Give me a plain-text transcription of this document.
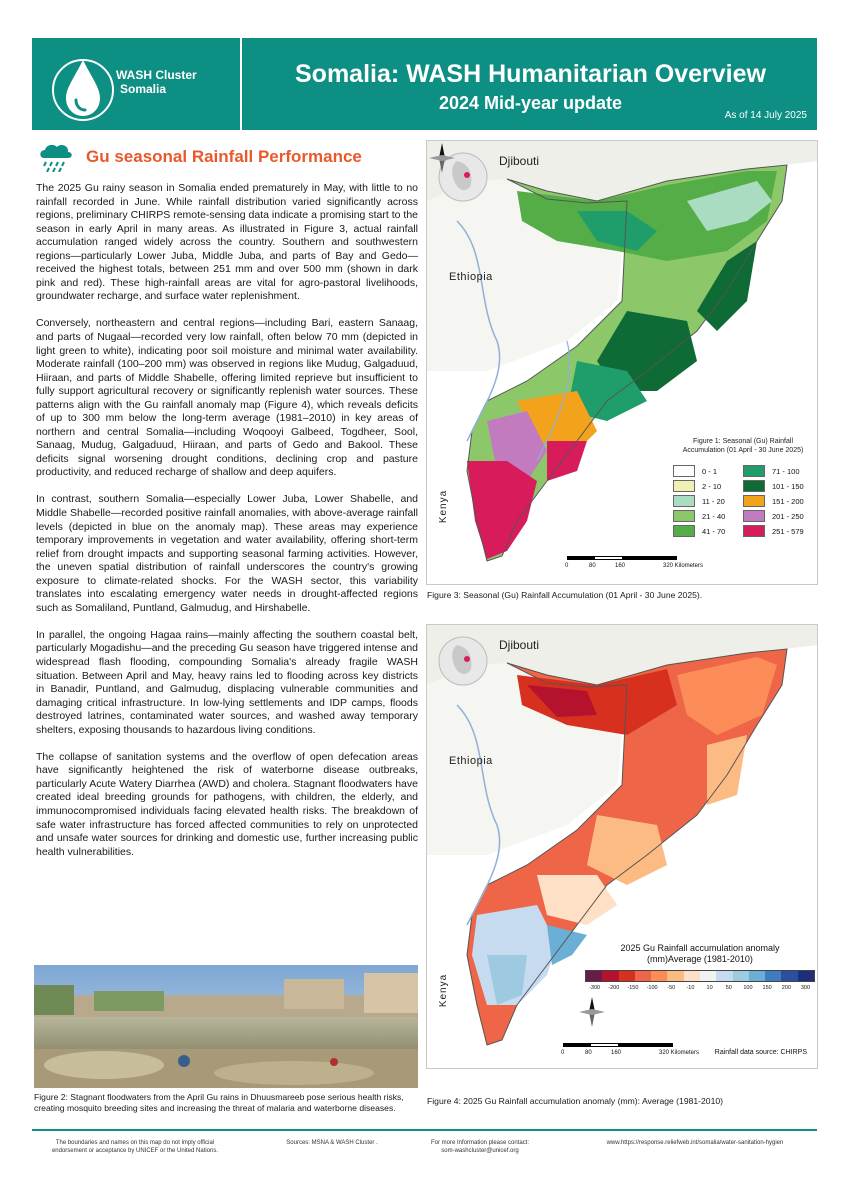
WASH Cluster
Somalia
Somalia: WASH Humanitarian Overview
2024 Mid-year update
As of 14 July 2025
Gu seasonal Rainfall Performance

The 2025 Gu rainy season in Somalia ended prematurely in May, with little to no rainfall recorded in June. While rainfall distribution varied significantly across regions, preliminary CHIRPS remote-sensing data indicate a promising start to the season in early April in many areas. As illustrated in Figure 3, actual rainfall accumulation ranged widely across the country. Southern and southwestern regions—particularly Lower Juba, Middle Juba, and parts of Bay and Gedo—received the highest totals, between 251 mm and over 500 mm (shown in dark pink and red). These high-rainfall areas are vital for agro-pastoral livelihoods, groundwater recharge, and surface water replenishment.

Conversely, northeastern and central regions—including Bari, eastern Sanaag, and parts of Nugaal—recorded very low rainfall, often below 70 mm (depicted in light green to white), indicating poor soil moisture and minimal water availability. Moderate rainfall (100–200 mm) was observed in regions like Mudug, Galgaduud, Hiiraan, and parts of Middle Shabelle, offering limited reprieve but insufficient to fully support agricultural recovery or significantly replenish water sources. These patterns align with the Gu rainfall anomaly map (Figure 4), which reveals deficits of up to 300 mm below the long-term average (1981–2010) in key areas of northern and central Somalia—including Woqooyi Galbeed, Togdheer, Sool, Sanaag, Mudug, Galgaduud, Hiiraan, and parts of Gedo and Bakool. These deficits signal worsening drought conditions, declining crop and pasture productivity, and reduced recharge of shallow and deep aquifers.

In contrast, southern Somalia—especially Lower Juba, Lower Shabelle, and Middle Shabelle—recorded positive rainfall anomalies, with above-average rainfall levels (depicted in blue on the anomaly map). These areas may experience temporary improvements in vegetation and water availability, offering short-term relief from drought impacts and supporting seasonal farming activities. However, the uneven spatial distribution of rainfall underscores the country's growing exposure to climate-related shocks. For the WASH sector, this variability translates into escalating emergency water needs in drought-affected regions such as Somaliland, Puntland, Galmudug, and Hirshabelle.

In parallel, the ongoing Hagaa rains—mainly affecting the southern coastal belt, particularly Mogadishu—and the preceding Gu season have triggered intense and widespread flash flooding, compounding Somalia's already fragile WASH situation. Between April and May, heavy rains led to flooding across key districts in Banadir, Puntland, and Galmudug, displacing vulnerable communities and damaging critical infrastructure. In low-lying settlements and IDP camps, floods destroyed latrines, contaminated water sources, and washed away temporary shelters, exposing thousands to hazardous living conditions.

The collapse of sanitation systems and the overflow of open defecation areas have significantly heightened the risk of waterborne disease outbreaks, particularly Acute Watery Diarrhea (AWD) and cholera. Stagnant floodwaters have created ideal breeding grounds for pathogens, with children, the elderly, and immunocompromised individuals facing elevated health risks. The breakdown of safe water infrastructure has forced affected communities to rely on unprotected and unsafe water sources for drinking and domestic use, further increasing public health vulnerabilities.

Figure 2: Stagnant floodwaters from the April Gu rains in Dhuusmareeb pose serious health risks, creating mosquito breeding sites and increasing the threat of malaria and waterborne diseases.
Djibouti
Ethiopia
Kenya
Figure 1: Seasonal (Gu) Rainfall
Accumulation (01 April - 30 June 2025)
0 - 1	71 - 100
2 - 10	101 - 150
11 - 20	151 - 200
21 - 40	201 - 250
41 - 70	251 - 579
0	80	160	320 Kilometers
Figure 3: Seasonal (Gu) Rainfall Accumulation (01 April - 30 June 2025).
Djibouti
Ethiopia
Kenya
2025 Gu Rainfall accumulation anomaly
(mm)Average (1981-2010)
-300	-200	-150	-100	-50	-10	10	50	100	150	200	300
0	80	160	320 Kilometers Rainfall data source: CHIRPS
Figure 4: 2025 Gu Rainfall accumulation anomaly (mm): Average (1981-2010)
The boundaries and names on this map do not imply official endorsement or acceptance by UNICEF or the United Nations.
Sources: MSNA & WASH Cluster .	For more Information please contact:
som-washcluster@unicef.org
www.https://response.reliefweb.int/somalia/water-sanitation-hygien
